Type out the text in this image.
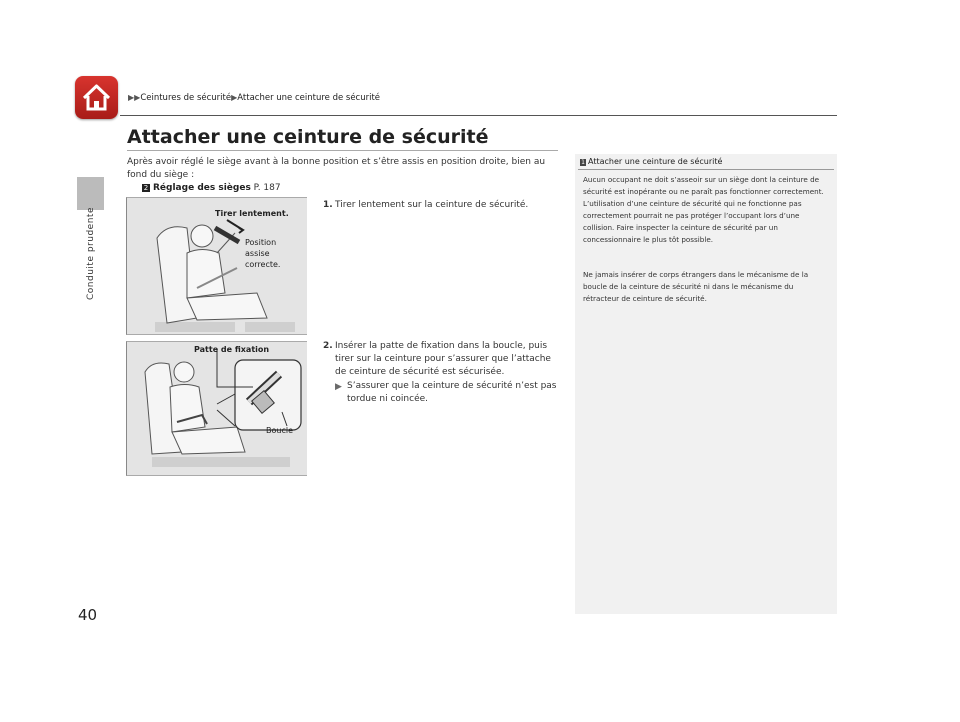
▶▶Ceintures de sécurité▶Attacher une ceinture de sécurité
Conduite prudente
40
Attacher une ceinture de sécurité
Après avoir réglé le siège avant à la bonne position et s’être assis en position droite, bien au fond du siège :
2 Réglage des sièges P. 187
Tirer lentement.
Position
assise
correcte.
1. Tirer lentement sur la ceinture de sécurité.
Patte de fixation
Boucle
2. Insérer la patte de fixation dans la boucle, puis
tirer sur la ceinture pour s’assurer que l’attache
de ceinture de sécurité est sécurisée.
▶ S’assurer que la ceinture de sécurité n’est pas
tordue ni coincée.
1 Attacher une ceinture de sécurité
Aucun occupant ne doit s’asseoir sur un siège dont la ceinture de sécurité est inopérante ou ne paraît pas fonctionner correctement. L’utilisation d’une ceinture de sécurité qui ne fonctionne pas correctement pourrait ne pas protéger l’occupant lors d’une collision. Faire inspecter la ceinture de sécurité par un concessionnaire le plus tôt possible.
Ne jamais insérer de corps étrangers dans le mécanisme de la boucle de la ceinture de sécurité ni dans le mécanisme du rétracteur de ceinture de sécurité.
